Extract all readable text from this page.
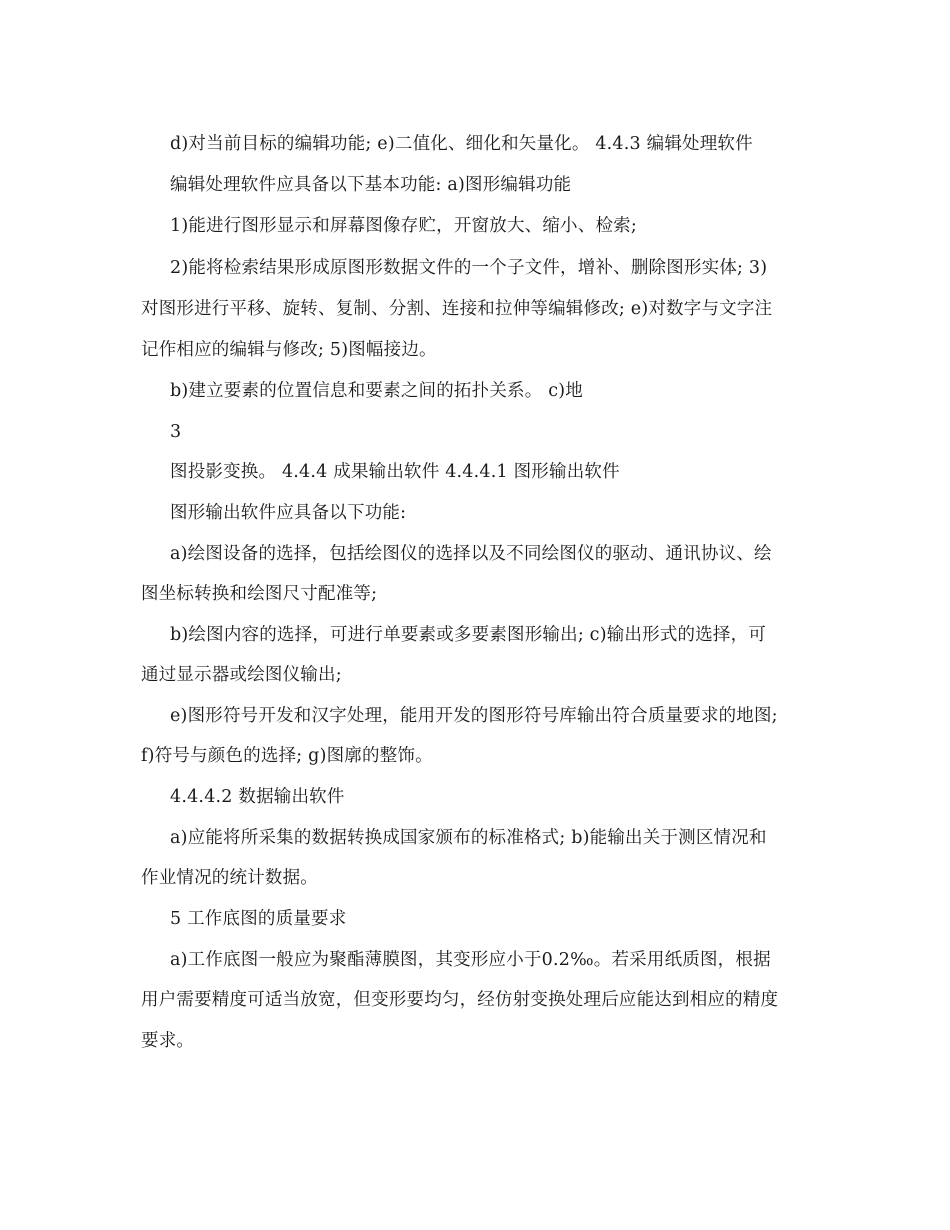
d)对当前目标的编辑功能; e)二值化、细化和矢量化。 4.4.3 编辑处理软件
编辑处理软件应具备以下基本功能: a)图形编辑功能
1)能进行图形显示和屏幕图像存贮，开窗放大、缩小、检索;
2)能将检索结果形成原图形数据文件的一个子文件，增补、删除图形实体; 3)
对图形进行平移、旋转、复制、分割、连接和拉伸等编辑修改; e)对数字与文字注
记作相应的编辑与修改; 5)图幅接边。
b)建立要素的位置信息和要素之间的拓扑关系。 c)地
3
图投影变换。 4.4.4 成果输出软件 4.4.4.1 图形输出软件
图形输出软件应具备以下功能:
a)绘图设备的选择，包括绘图仪的选择以及不同绘图仪的驱动、通讯协议、绘
图坐标转换和绘图尺寸配准等;
b)绘图内容的选择，可进行单要素或多要素图形输出; c)输出形式的选择，可
通过显示器或绘图仪输出;
e)图形符号开发和汉字处理，能用开发的图形符号库输出符合质量要求的地图;
f)符号与颜色的选择; g)图廓的整饰。
4.4.4.2 数据输出软件
a)应能将所采集的数据转换成国家颁布的标准格式; b)能输出关于测区情况和
作业情况的统计数据。
5 工作底图的质量要求
a)工作底图一般应为聚酯薄膜图，其变形应小于0.2‰。若采用纸质图，根据
用户需要精度可适当放宽，但变形要均匀，经仿射变换处理后应能达到相应的精度
要求。
